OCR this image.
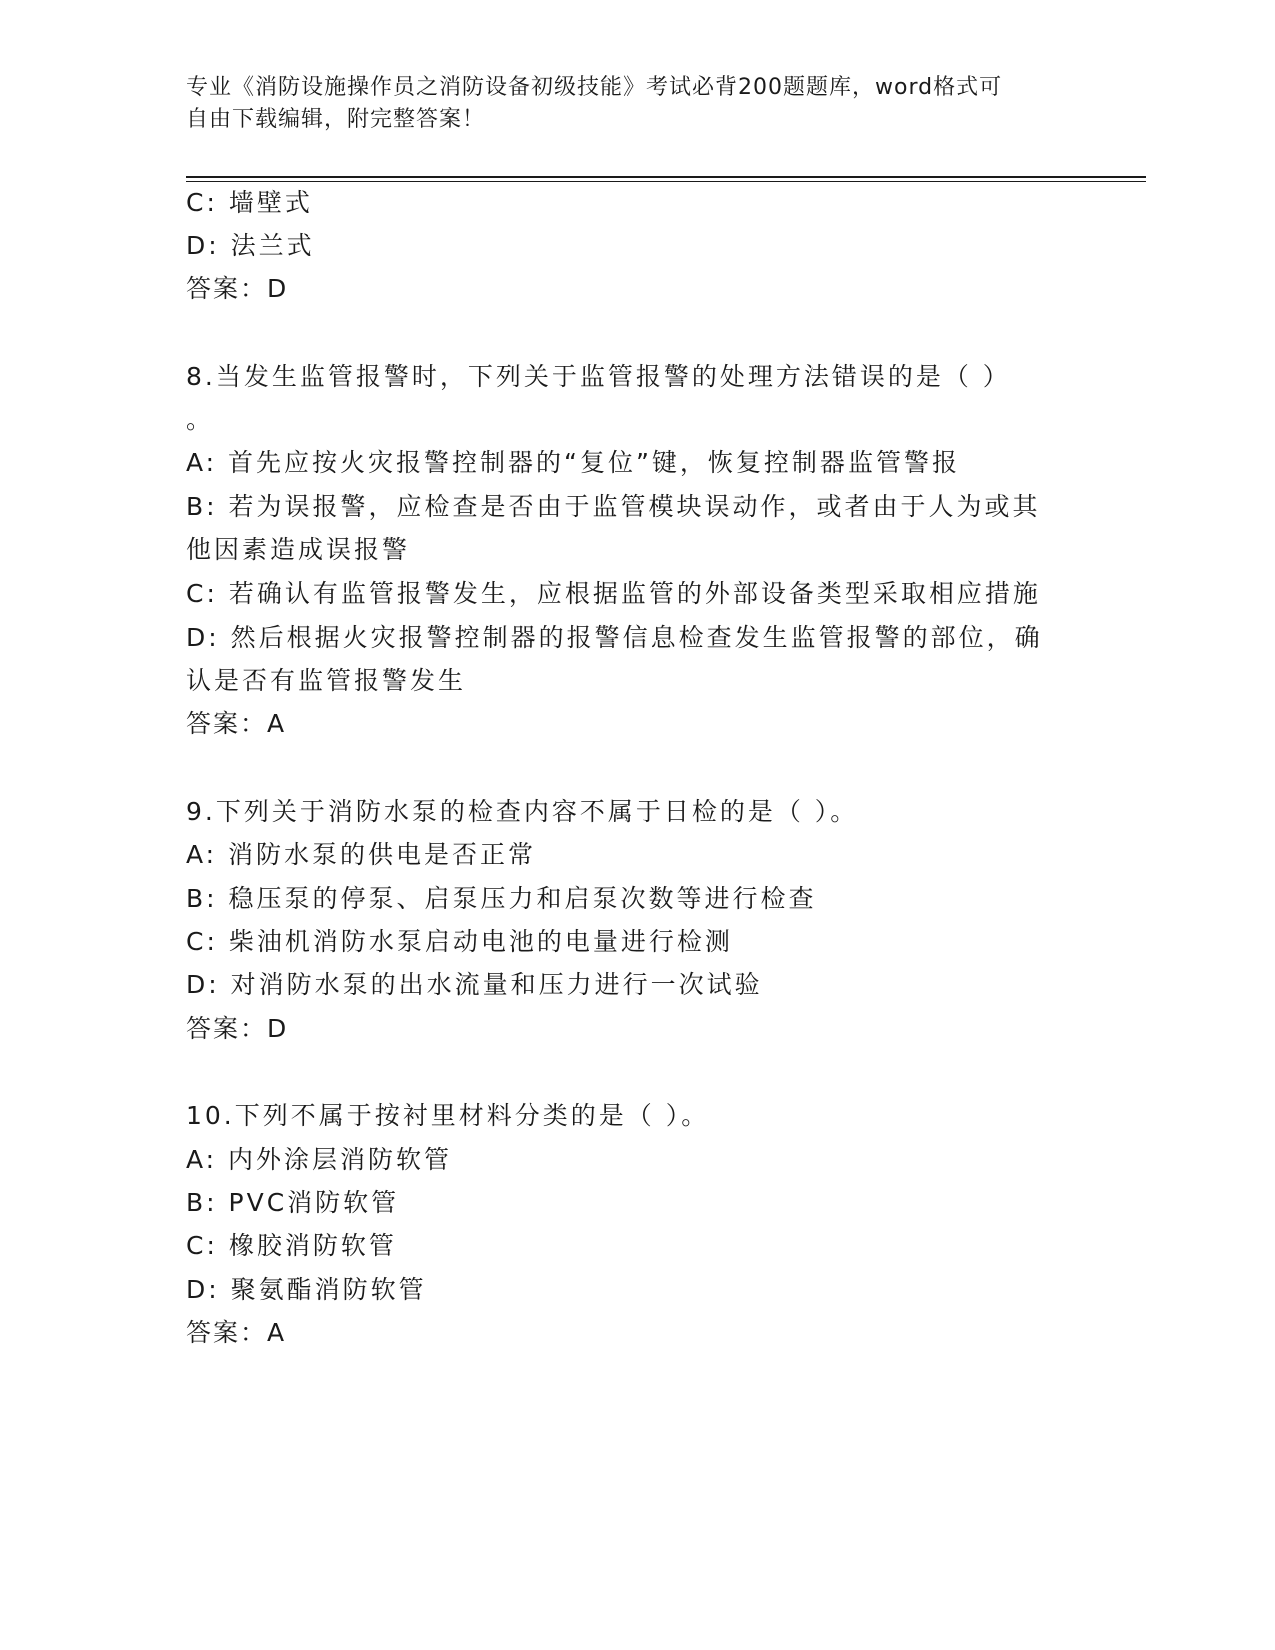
专业《消防设施操作员之消防设备初级技能》考试必背200题题库，word格式可
自由下载编辑，附完整答案！
C: 墙壁式
D: 法兰式
答案：D
8.当发生监管报警时，下列关于监管报警的处理方法错误的是（ ）
。
A: 首先应按火灾报警控制器的“复位”键，恢复控制器监管警报
B: 若为误报警，应检查是否由于监管模块误动作，或者由于人为或其
他因素造成误报警
C: 若确认有监管报警发生，应根据监管的外部设备类型采取相应措施
D: 然后根据火灾报警控制器的报警信息检查发生监管报警的部位，确
认是否有监管报警发生
答案：A
9.下列关于消防水泵的检查内容不属于日检的是（ ）。
A: 消防水泵的供电是否正常
B: 稳压泵的停泵、启泵压力和启泵次数等进行检查
C: 柴油机消防水泵启动电池的电量进行检测
D: 对消防水泵的出水流量和压力进行一次试验
答案：D
10.下列不属于按衬里材料分类的是（ ）。
A: 内外涂层消防软管
B: PVC消防软管
C: 橡胶消防软管
D: 聚氨酯消防软管
答案：A
